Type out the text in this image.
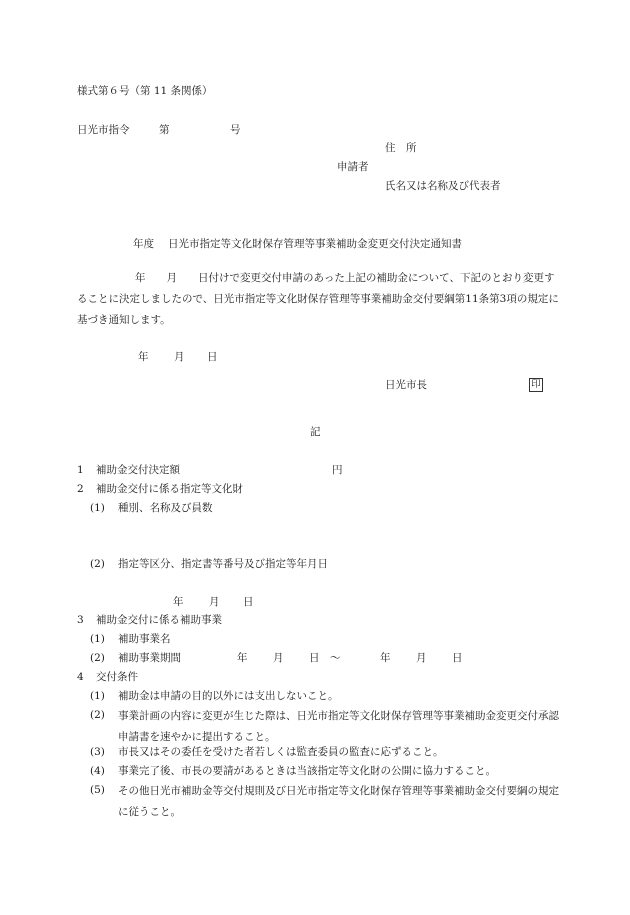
様式第６号（第 11 条関係）
日光市指令	第	号
住　所
申請者
氏名又は名称及び代表者
年度 日光市指定等文化財保存管理等事業補助金変更交付決定通知書
年　　月　　日付けで変更交付申請のあった上記の補助金について、下記のとおり変更することに決定しましたので、日光市指定等文化財保存管理等事業補助金交付要綱第11条第3項の規定に基づき通知します。
年 月 日
日光市長	印
記
1 補助金交付決定額	円
2 補助金交付に係る指定等文化財
(1) 種別、名称及び員数
(2) 指定等区分、指定書等番号及び指定等年月日
年 月 日
3 補助金交付に係る補助事業
(1) 補助事業名
(2) 補助事業期間	年 月 日 ～	年 月 日
4 交付条件
(1) 補助金は申請の目的以外には支出しないこと。
(2) 事業計画の内容に変更が生じた際は、日光市指定等文化財保存管理等事業補助金変更交付承認申請書を速やかに提出すること。
(3) 市長又はその委任を受けた者若しくは監査委員の監査に応ずること。
(4) 事業完了後、市長の要請があるときは当該指定等文化財の公開に協力すること。
(5) その他日光市補助金等交付規則及び日光市指定等文化財保存管理等事業補助金交付要綱の規定に従うこと。
